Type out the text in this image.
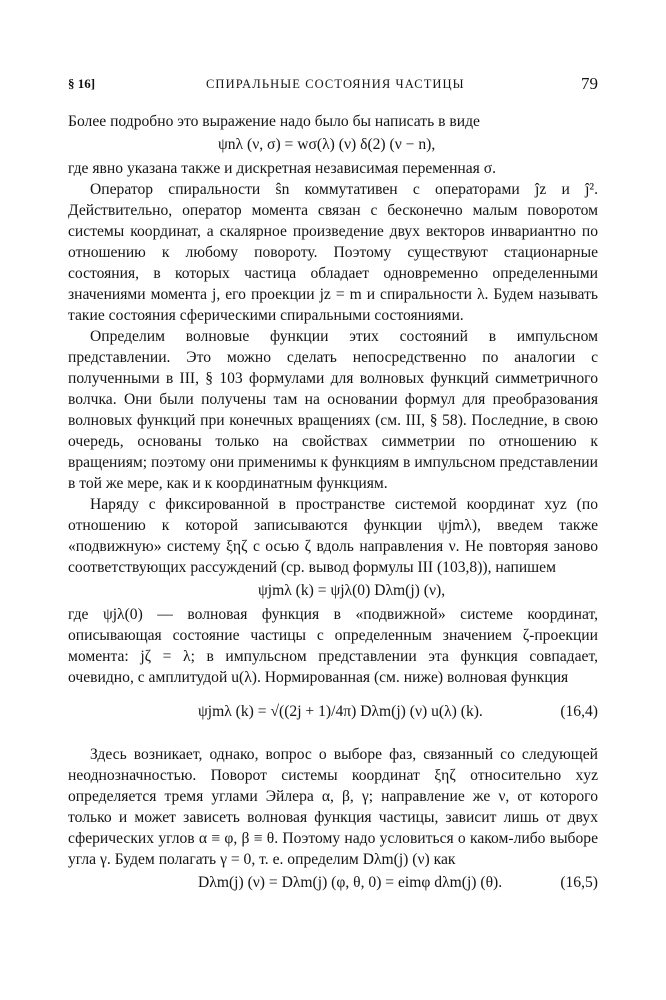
§ 16]	СПИРАЛЬНЫЕ СОСТОЯНИЯ ЧАСТИЦЫ	79

Более подробно это выражение надо было бы написать в виде

ψnλ (ν, σ) = wσ(λ) (ν) δ(2) (ν − n),

где явно указана также и дискретная независимая переменная σ.

Оператор спиральности ŝn коммутативен с операторами ĵz и ĵ². Действительно, оператор момента связан с бесконечно малым поворотом системы координат, а скалярное произведение двух векторов инвариантно по отношению к любому повороту. Поэтому существуют стационарные состояния, в которых частица обладает одновременно определенными значениями момента j, его проекции jz = m и спиральности λ. Будем называть такие состояния сферическими спиральными состояниями.

Определим волновые функции этих состояний в импульсном представлении. Это можно сделать непосредственно по аналогии с полученными в III, § 103 формулами для волновых функций симметричного волчка. Они были получены там на основании формул для преобразования волновых функций при конечных вращениях (см. III, § 58). Последние, в свою очередь, основаны только на свойствах симметрии по отношению к вращениям; поэтому они применимы к функциям в импульсном представлении в той же мере, как и к координатным функциям.

Наряду с фиксированной в пространстве системой координат xyz (по отношению к которой записываются функции ψjmλ), введем также «подвижную» систему ξηζ с осью ζ вдоль направления ν. Не повторяя заново соответствующих рассуждений (ср. вывод формулы III (103,8)), напишем

ψjmλ (k) = ψjλ(0) Dλm(j) (ν),

где ψjλ(0) — волновая функция в «подвижной» системе координат, описывающая состояние частицы с определенным значением ζ-проекции момента: jζ = λ; в импульсном представлении эта функция совпадает, очевидно, с амплитудой u(λ). Нормированная (см. ниже) волновая функция

ψjmλ (k) = √((2j + 1)/4π) Dλm(j) (ν) u(λ) (k).	(16,4)

Здесь возникает, однако, вопрос о выборе фаз, связанный со следующей неоднозначностью. Поворот системы координат ξηζ относительно xyz определяется тремя углами Эйлера α, β, γ; направление же ν, от которого только и может зависеть волновая функция частицы, зависит лишь от двух сферических углов α ≡ φ, β ≡ θ. Поэтому надо условиться о каком-либо выборе угла γ. Будем полагать γ = 0, т. е. определим Dλm(j) (ν) как

Dλm(j) (ν) = Dλm(j) (φ, θ, 0) = eimφ dλm(j) (θ).	(16,5)
